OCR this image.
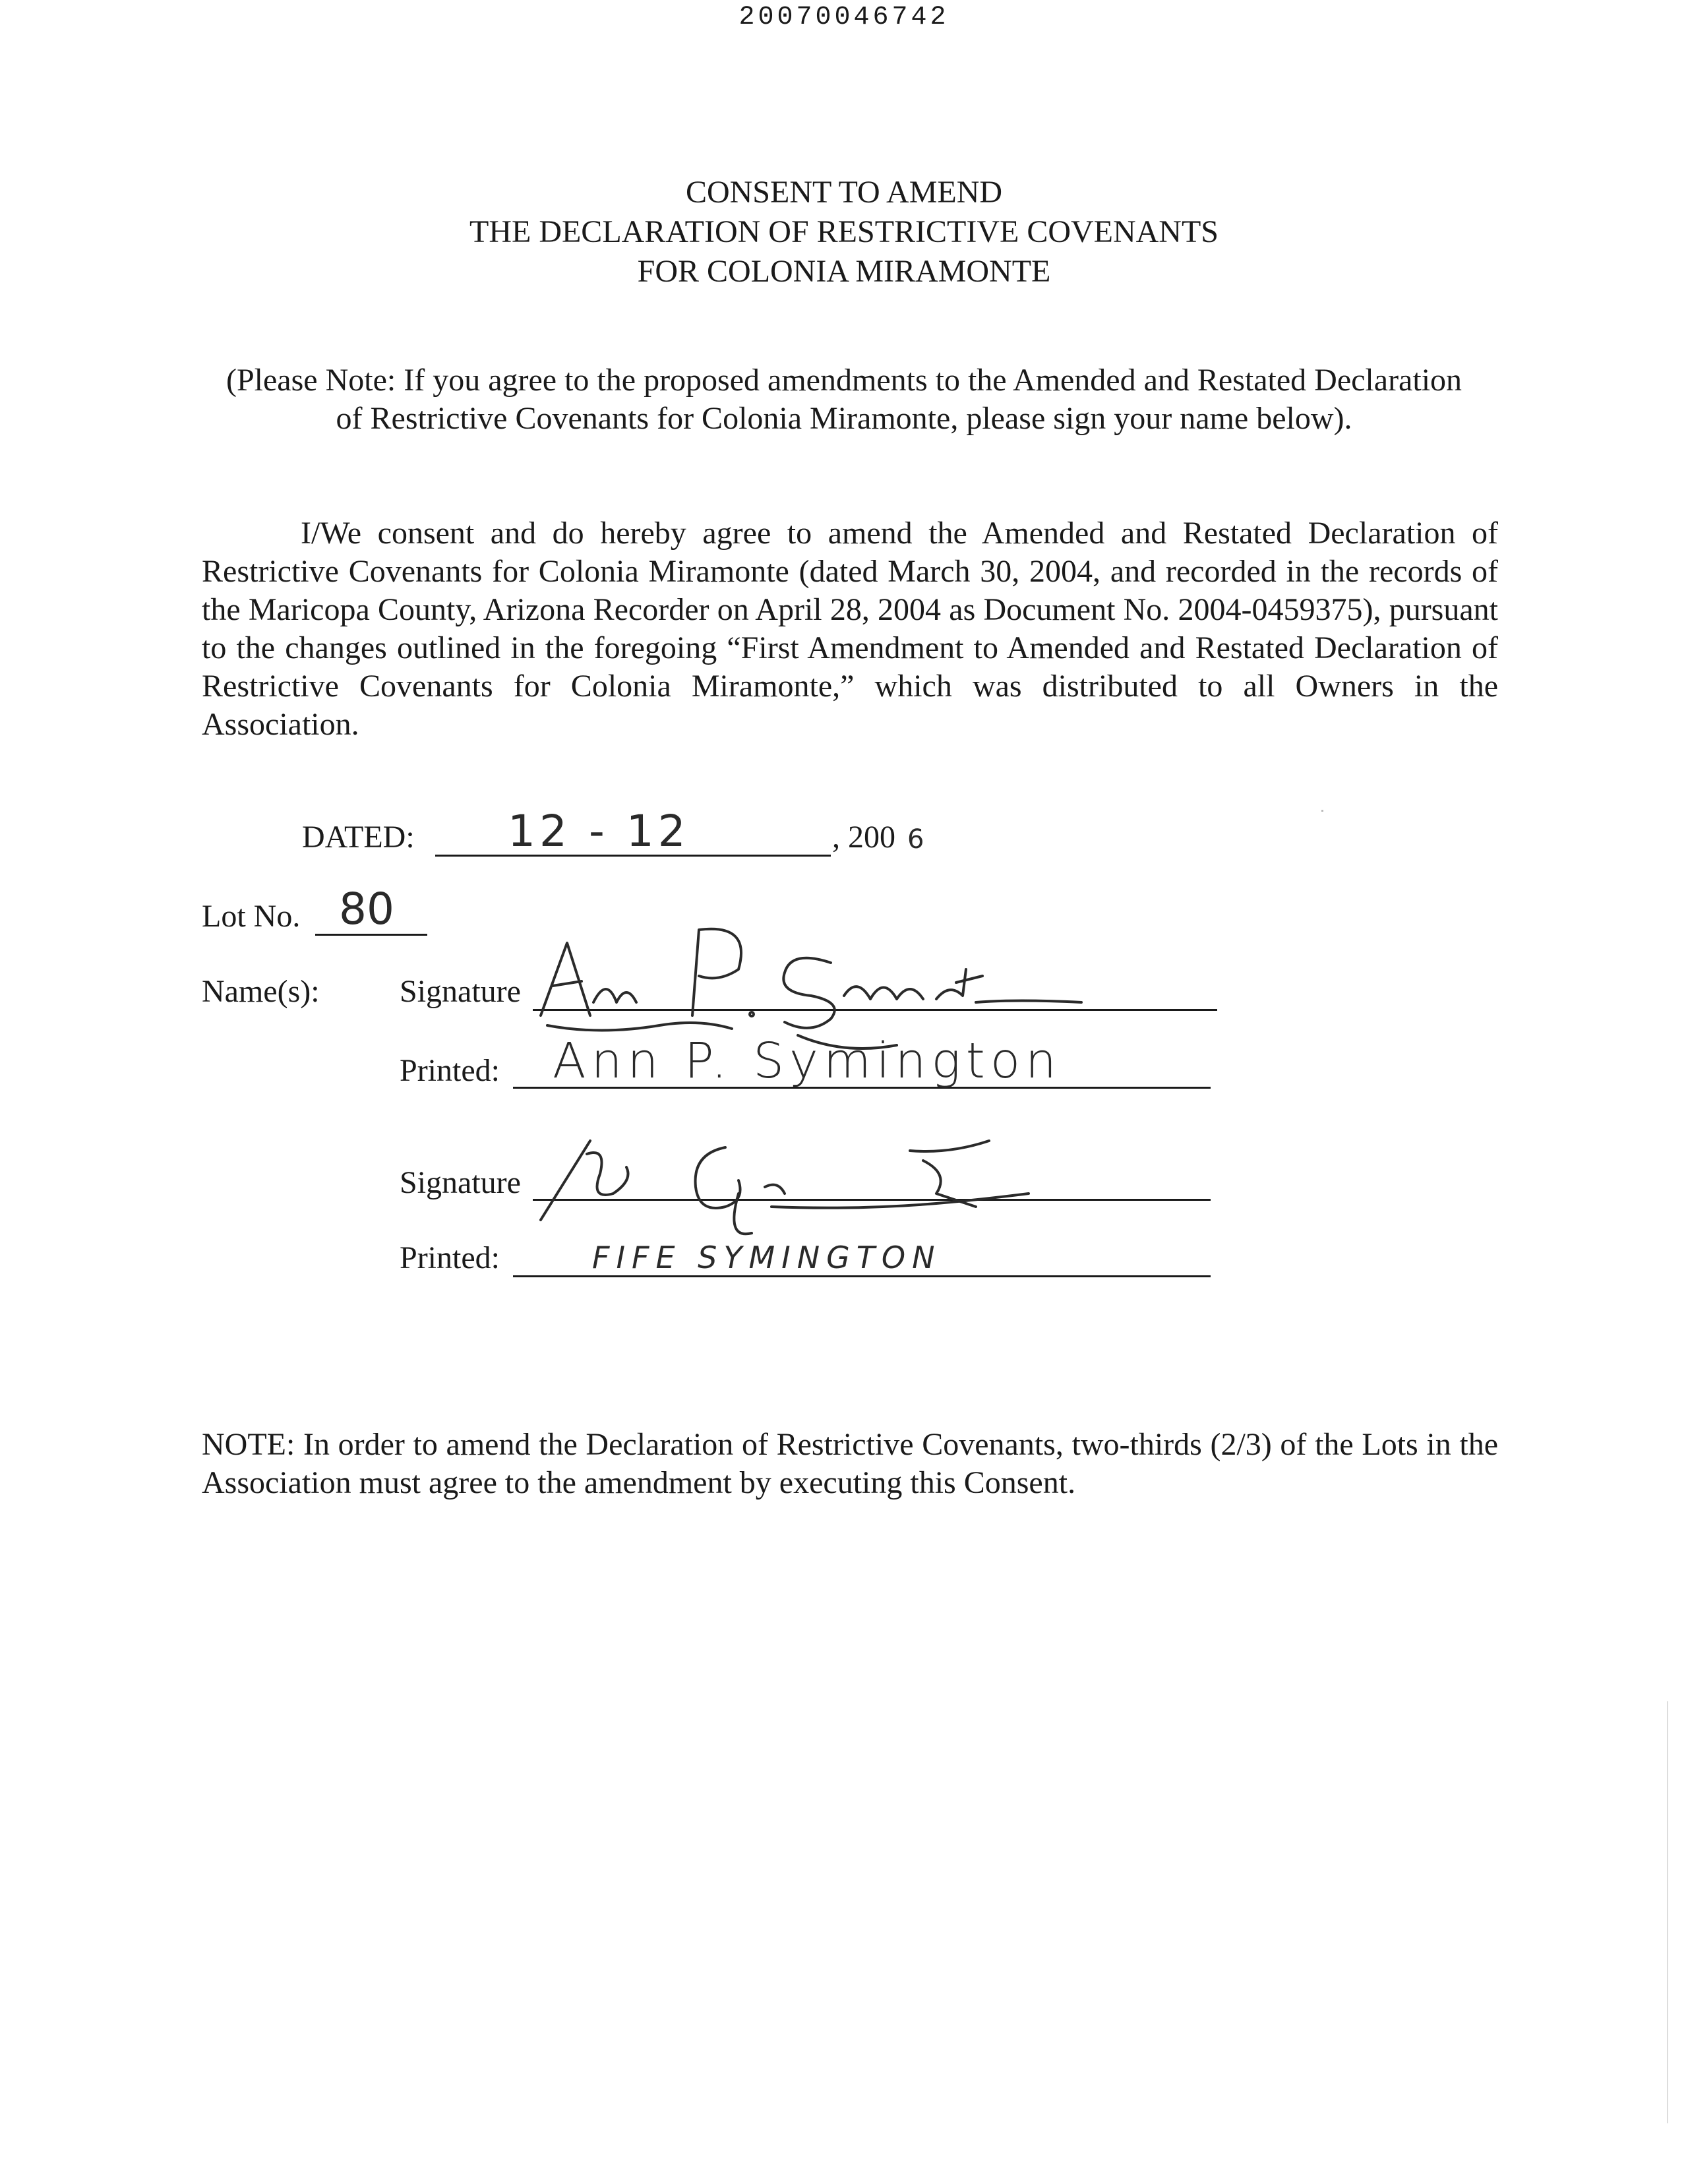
20070046742
CONSENT TO AMEND
THE DECLARATION OF RESTRICTIVE COVENANTS
FOR COLONIA MIRAMONTE
(Please Note: If you agree to the proposed amendments to the Amended and Restated Declaration of Restrictive Covenants for Colonia Miramonte, please sign your name below).

I/We consent and do hereby agree to amend the Amended and Restated Declaration of Restrictive Covenants for Colonia Miramonte (dated March 30, 2004, and recorded in the records of the Maricopa County, Arizona Recorder on April 28, 2004 as Document No. 2004-0459375), pursuant to the changes outlined in the foregoing “First Amendment to Amended and Restated Declaration of Restrictive Covenants for Colonia Miramonte,” which was distributed to all Owners in the Association.

DATED: 12 - 12	, 200 6
Lot No. 80
Name(s):	Signature
Printed: Ann P. Symington
Signature
Printed:	FIFE SYMINGTON

NOTE: In order to amend the Declaration of Restrictive Covenants, two-thirds (2/3) of the Lots in the Association must agree to the amendment by executing this Consent.
